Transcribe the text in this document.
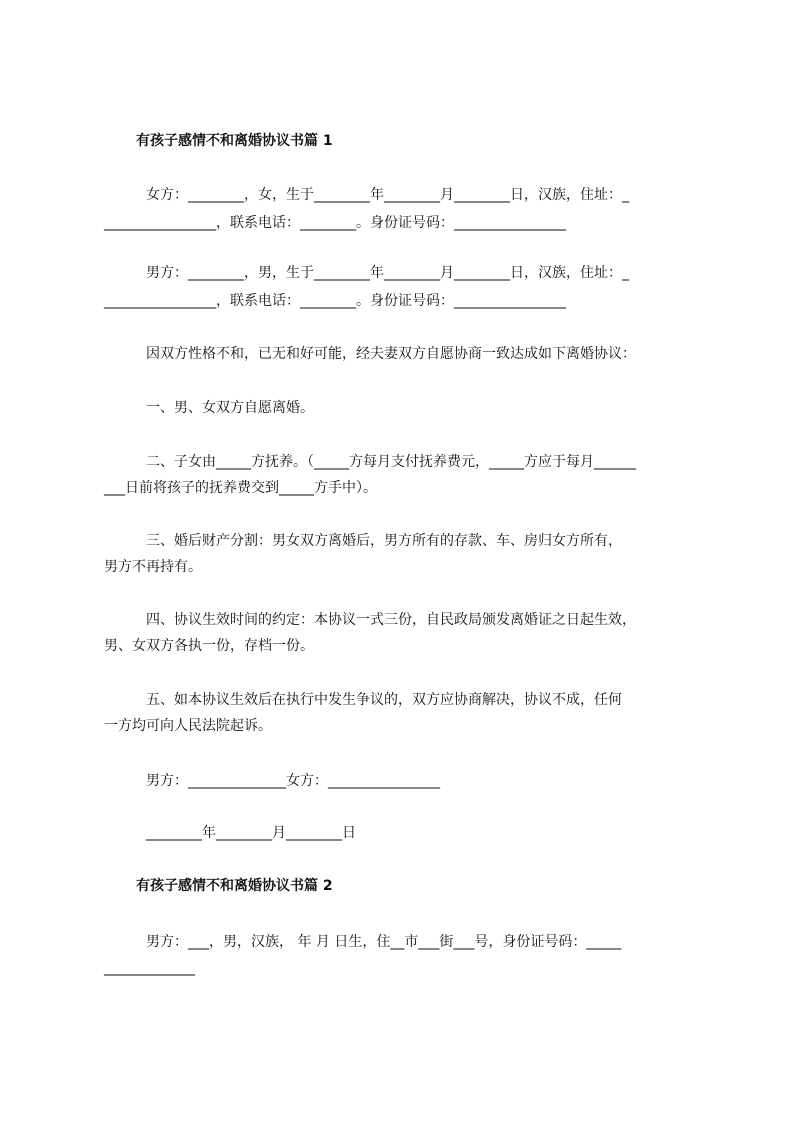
有孩子感情不和离婚协议书篇 1
女方：________，女，生于________年________月________日，汉族，住址：_
________________，联系电话：________。身份证号码：________________
男方：________，男，生于________年________月________日，汉族，住址：_
________________，联系电话：________。身份证号码：________________
因双方性格不和，已无和好可能，经夫妻双方自愿协商一致达成如下离婚协议：
一、男、女双方自愿离婚。
二、子女由_____方抚养。（_____方每月支付抚养费元，_____方应于每月______
___日前将孩子的抚养费交到_____方手中）。
三、婚后财产分割：男女双方离婚后，男方所有的存款、车、房归女方所有，
男方不再持有。
四、协议生效时间的约定：本协议一式三份，自民政局颁发离婚证之日起生效，
男、女双方各执一份，存档一份。
五、如本协议生效后在执行中发生争议的，双方应协商解决，协议不成，任何
一方均可向人民法院起诉。
男方：______________女方：________________
________年________月________日
有孩子感情不和离婚协议书篇 2
男方：___，男，汉族， 年 月 日生，住__市___街___号，身份证号码：_____
_____________
